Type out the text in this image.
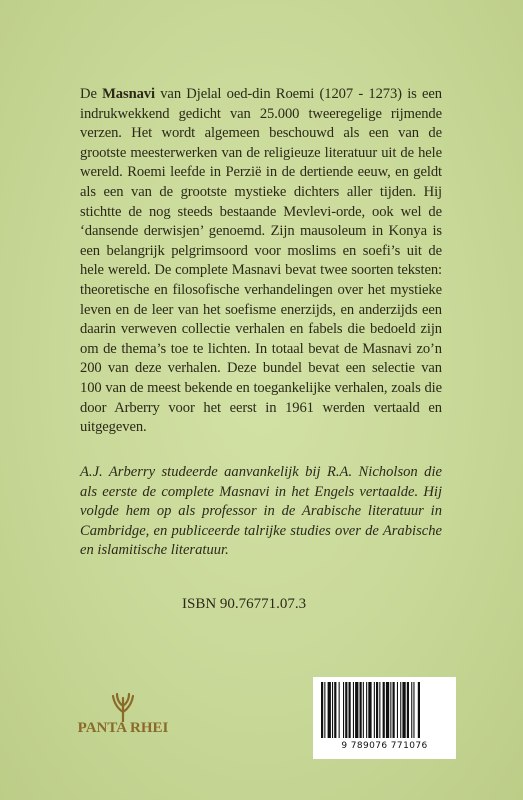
De Masnavi van Djelal oed-din Roemi (1207 - 1273) is een indrukwekkend gedicht van 25.000 tweeregelige rijmende verzen. Het wordt algemeen beschouwd als een van de grootste meesterwerken van de religieuze literatuur uit de hele wereld. Roemi leefde in Perzië in de dertiende eeuw, en geldt als een van de grootste mystieke dichters aller tijden. Hij stichtte de nog steeds bestaande Mevlevi-orde, ook wel de ‘dansende derwisjen’ genoemd. Zijn mausoleum in Konya is een belangrijk pelgrimsoord voor moslims en soefi’s uit de hele wereld. De complete Masnavi bevat twee soorten teksten: theoretische en filosofische verhandelingen over het mystieke leven en de leer van het soefisme enerzijds, en anderzijds een daarin verweven collectie verhalen en fabels die bedoeld zijn om de thema’s toe te lichten. In totaal bevat de Masnavi zo’n 200 van deze verhalen. Deze bundel bevat een selectie van 100 van de meest bekende en toegankelijke verhalen, zoals die door Arberry voor het eerst in 1961 werden vertaald en uitgegeven.
A.J. Arberry studeerde aanvankelijk bij R.A. Nicholson die als eerste de complete Masnavi in het Engels vertaalde. Hij volgde hem op als professor in de Arabische literatuur in Cambridge, en publiceerde talrijke studies over de Arabische en islamitische literatuur.
ISBN 90.76771.07.3
PANTA RHEI
9 789076 771076
